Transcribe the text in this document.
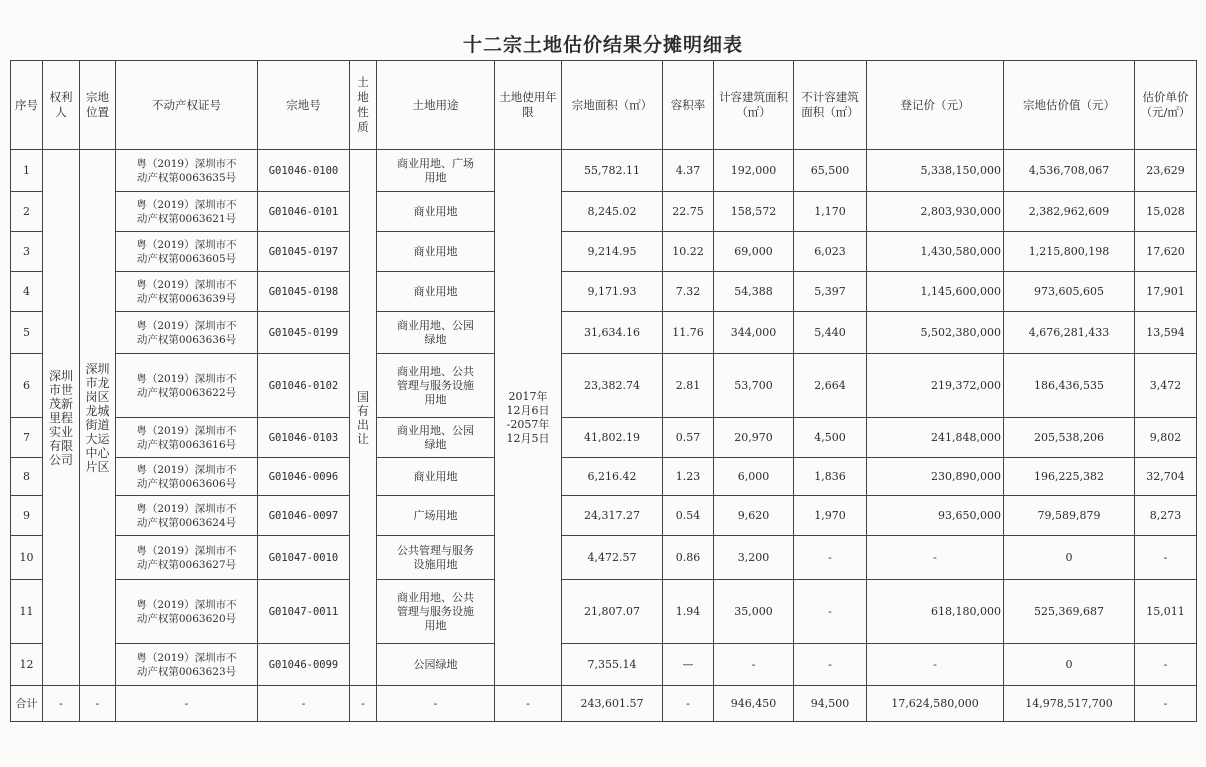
十二宗土地估价结果分摊明细表
序号	权利人	宗地位置	不动产权证号	宗地号	土地性质	土地用途	土地使用年限	宗地面积（㎡）	容积率	计容建筑面积（㎡）	不计容建筑面积（㎡）	登记价（元）	宗地估价值（元）	估价单价（元/㎡）
1	深圳市世茂新里程实业有限公司	深圳市龙岗区龙城街道大运中心片区	粤（2019）深圳市不
动产权第0063635号	G01046-0100	国有出让	商业用地、广场
用地	2017年
12月6日
-2057年
12月5日	55,782.11	4.37	192,000	65,500	5,338,150,000	4,536,708,067	23,629
2			粤（2019）深圳市不
动产权第0063621号	G01046-0101		商业用地		8,245.02	22.75	158,572	1,170	2,803,930,000	2,382,962,609	15,028
3			粤（2019）深圳市不
动产权第0063605号	G01045-0197		商业用地		9,214.95	10.22	69,000	6,023	1,430,580,000	1,215,800,198	17,620
4			粤（2019）深圳市不
动产权第0063639号	G01045-0198		商业用地		9,171.93	7.32	54,388	5,397	1,145,600,000	973,605,605	17,901
5			粤（2019）深圳市不
动产权第0063636号	G01045-0199		商业用地、公园
绿地		31,634.16	11.76	344,000	5,440	5,502,380,000	4,676,281,433	13,594
6			粤（2019）深圳市不
动产权第0063622号	G01046-0102		商业用地、公共
管理与服务设施
用地		23,382.74	2.81	53,700	2,664	219,372,000	186,436,535	3,472
7			粤（2019）深圳市不
动产权第0063616号	G01046-0103		商业用地、公园
绿地		41,802.19	0.57	20,970	4,500	241,848,000	205,538,206	9,802
8			粤（2019）深圳市不
动产权第0063606号	G01046-0096		商业用地		6,216.42	1.23	6,000	1,836	230,890,000	196,225,382	32,704
9			粤（2019）深圳市不
动产权第0063624号	G01046-0097		广场用地		24,317.27	0.54	9,620	1,970	93,650,000	79,589,879	8,273
10			粤（2019）深圳市不
动产权第0063627号	G01047-0010		公共管理与服务
设施用地		4,472.57	0.86	3,200	-	-	0	-
11			粤（2019）深圳市不
动产权第0063620号	G01047-0011		商业用地、公共
管理与服务设施
用地		21,807.07	1.94	35,000	-	618,180,000	525,369,687	15,011
12			粤（2019）深圳市不
动产权第0063623号	G01046-0099		公园绿地		7,355.14	—	-	-	-	0	-
合计	-	-	-	-	-	-	-	243,601.57	-	946,450	94,500	17,624,580,000	14,978,517,700	-
